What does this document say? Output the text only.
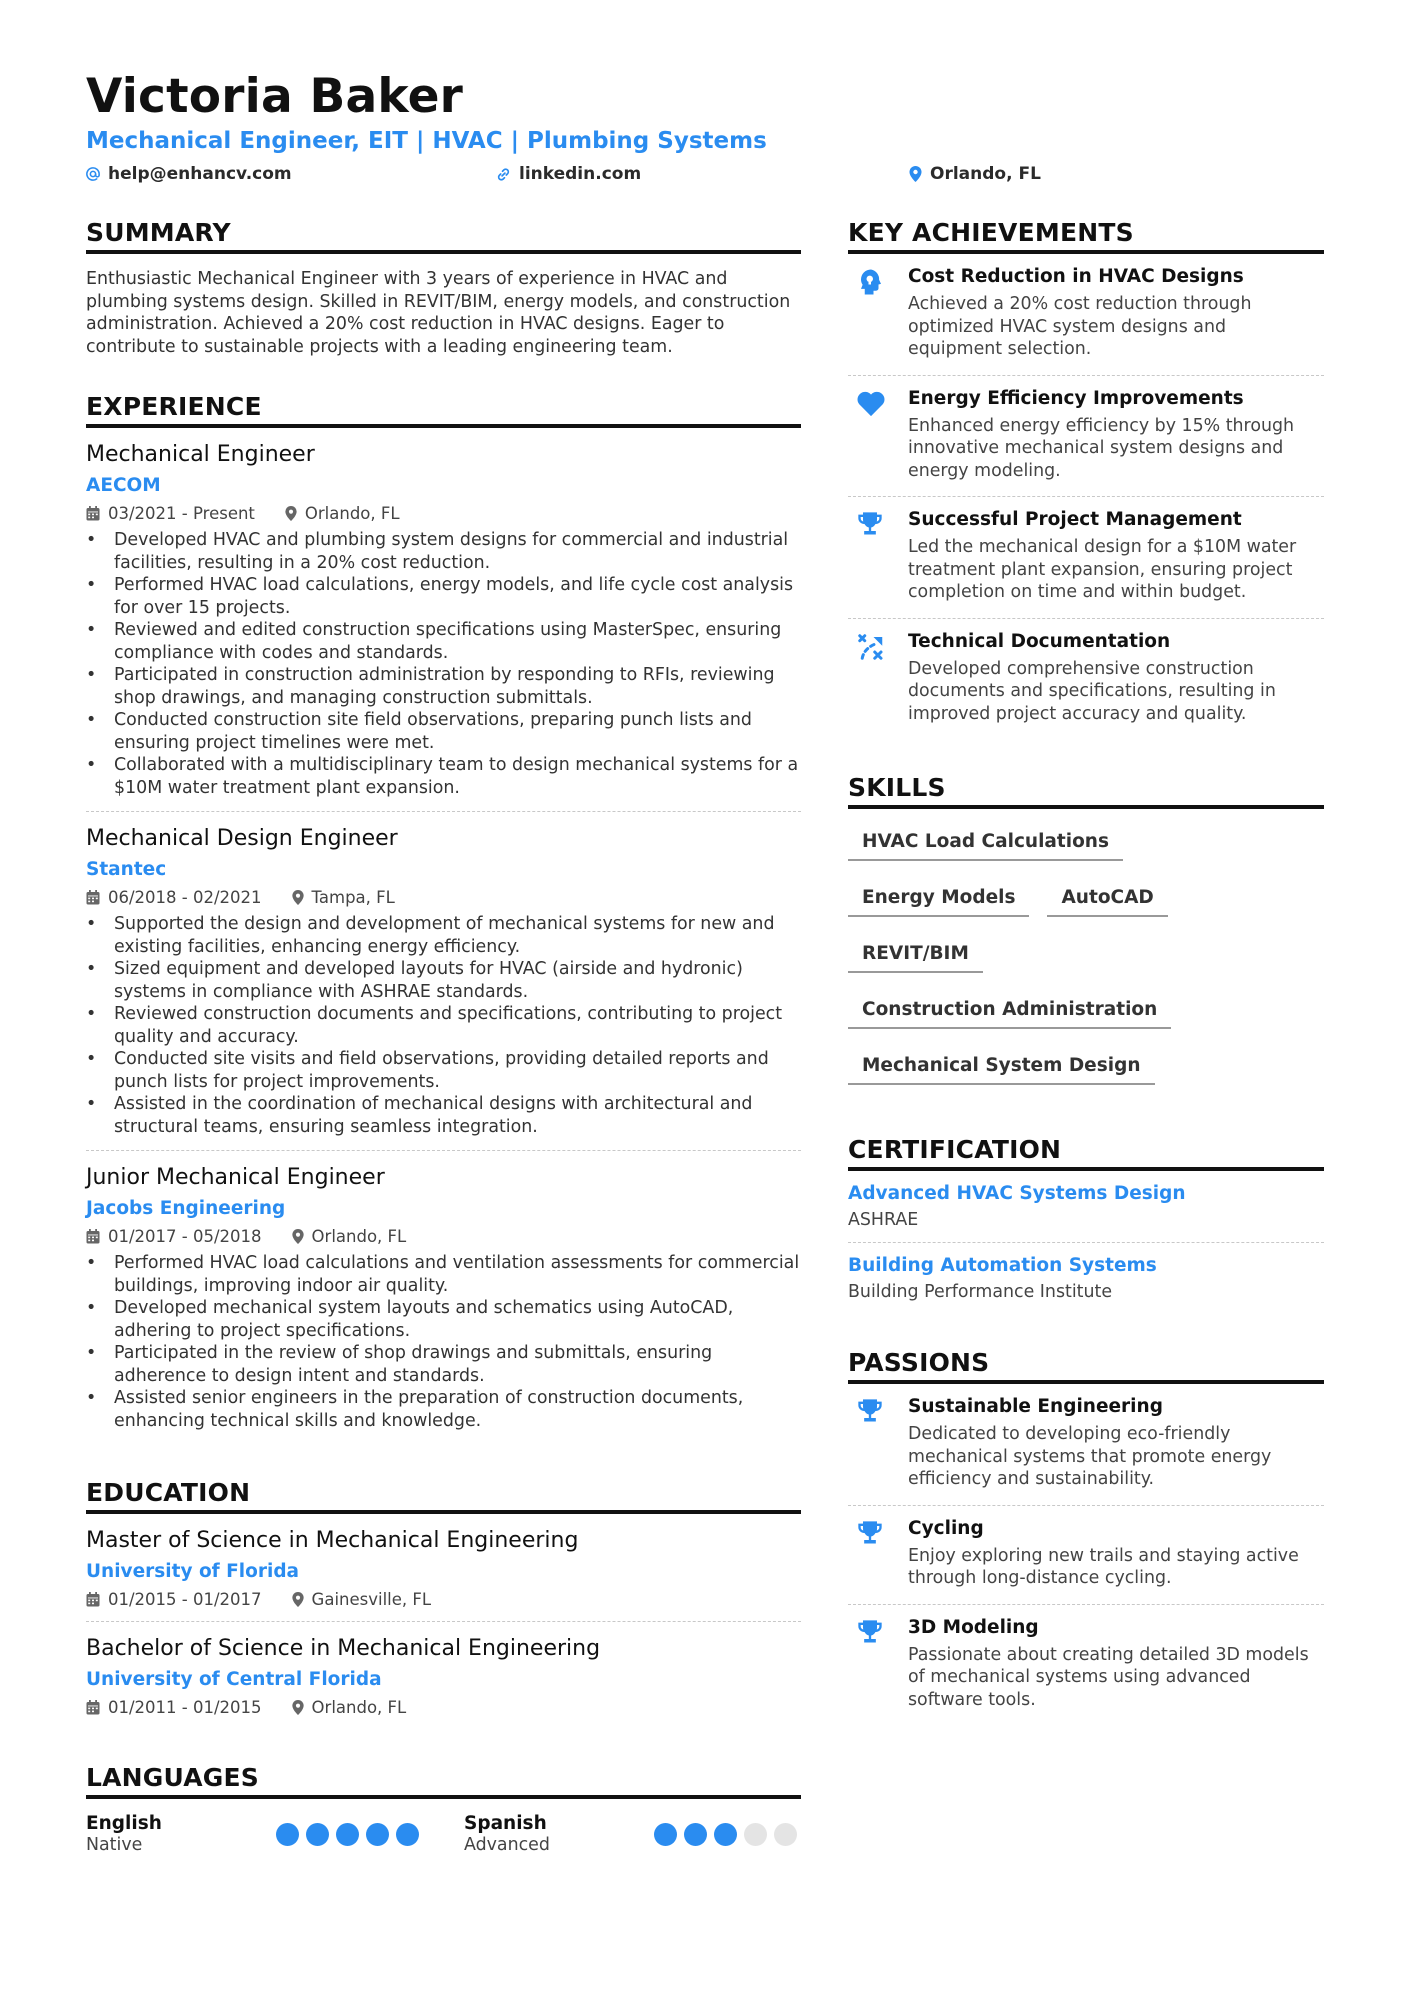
Victoria Baker
Mechanical Engineer, EIT | HVAC | Plumbing Systems
help@enhancv.com	linkedin.com	Orlando, FL
SUMMARY

Enthusiastic Mechanical Engineer with 3 years of experience in HVAC and plumbing systems design. Skilled in REVIT/BIM, energy models, and construction administration. Achieved a 20% cost reduction in HVAC designs. Eager to contribute to sustainable projects with a leading engineering team.

EXPERIENCE
Mechanical Engineer
AECOM
03/2021 - Present	Orlando, FL
• Developed HVAC and plumbing system designs for commercial and industrial facilities, resulting in a 20% cost reduction.
• Performed HVAC load calculations, energy models, and life cycle cost analysis for over 15 projects.
• Reviewed and edited construction specifications using MasterSpec, ensuring compliance with codes and standards.
• Participated in construction administration by responding to RFIs, reviewing shop drawings, and managing construction submittals.
• Conducted construction site field observations, preparing punch lists and ensuring project timelines were met.
• Collaborated with a multidisciplinary team to design mechanical systems for a $10M water treatment plant expansion.
Mechanical Design Engineer
Stantec
06/2018 - 02/2021	Tampa, FL
• Supported the design and development of mechanical systems for new and existing facilities, enhancing energy efficiency.
• Sized equipment and developed layouts for HVAC (airside and hydronic) systems in compliance with ASHRAE standards.
• Reviewed construction documents and specifications, contributing to project quality and accuracy.
• Conducted site visits and field observations, providing detailed reports and punch lists for project improvements.
• Assisted in the coordination of mechanical designs with architectural and structural teams, ensuring seamless integration.
Junior Mechanical Engineer
Jacobs Engineering
01/2017 - 05/2018	Orlando, FL
• Performed HVAC load calculations and ventilation assessments for commercial buildings, improving indoor air quality.
• Developed mechanical system layouts and schematics using AutoCAD, adhering to project specifications.
• Participated in the review of shop drawings and submittals, ensuring adherence to design intent and standards.
• Assisted senior engineers in the preparation of construction documents, enhancing technical skills and knowledge.
EDUCATION
Master of Science in Mechanical Engineering
University of Florida
01/2015 - 01/2017	Gainesville, FL
Bachelor of Science in Mechanical Engineering
University of Central Florida
01/2011 - 01/2015	Orlando, FL
LANGUAGES
English
Native
Spanish
Advanced
KEY ACHIEVEMENTS
Cost Reduction in HVAC Designs
Achieved a 20% cost reduction through optimized HVAC system designs and equipment selection.
Energy Efficiency Improvements
Enhanced energy efficiency by 15% through innovative mechanical system designs and energy modeling.
Successful Project Management
Led the mechanical design for a $10M water treatment plant expansion, ensuring project completion on time and within budget.
Technical Documentation
Developed comprehensive construction documents and specifications, resulting in improved project accuracy and quality.
SKILLS
HVAC Load Calculations
Energy Models	AutoCAD
REVIT/BIM
Construction Administration
Mechanical System Design
CERTIFICATION
Advanced HVAC Systems Design
ASHRAE
Building Automation Systems
Building Performance Institute
PASSIONS
Sustainable Engineering
Dedicated to developing eco-friendly mechanical systems that promote energy efficiency and sustainability.
Cycling
Enjoy exploring new trails and staying active through long-distance cycling.
3D Modeling
Passionate about creating detailed 3D models of mechanical systems using advanced software tools.
